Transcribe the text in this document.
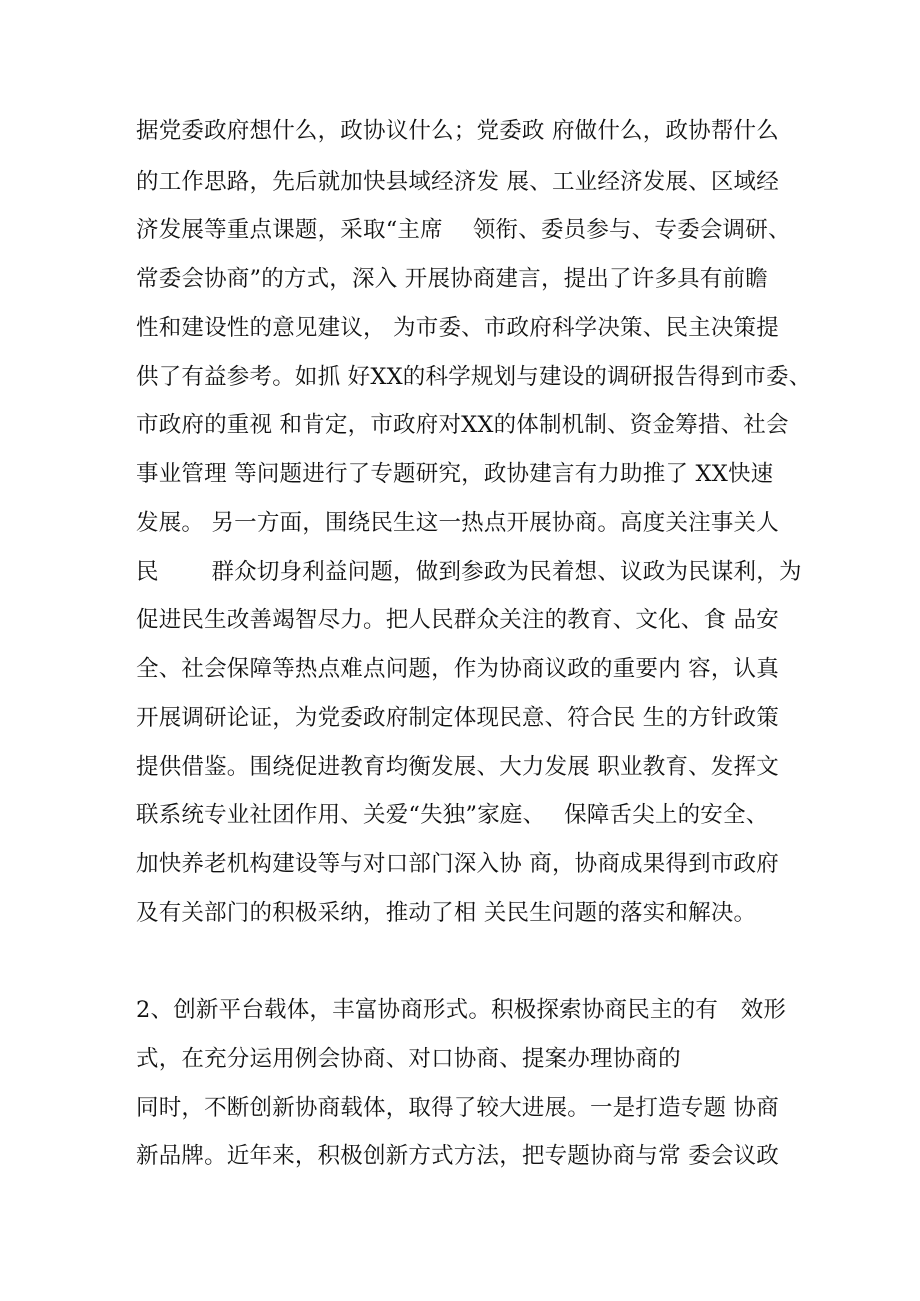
据党委政府想什么，政协议什么；党委政 府做什么，政协帮什么
的工作思路，先后就加快县域经济发 展、工业经济发展、区域经
济发展等重点课题，采取“主席　 领衔、委员参与、专委会调研、
常委会协商”的方式，深入 开展协商建言，提出了许多具有前瞻
性和建设性的意见建议， 为市委、市政府科学决策、民主决策提
供了有益参考。如抓 好XX的科学规划与建设的调研报告得到市委、
市政府的重视 和肯定，市政府对XX的体制机制、资金筹措、社会
事业管理 等问题进行了专题研究，政协建言有力助推了 XX快速
发展。 另一方面，围绕民生这一热点开展协商。高度关注事关人
民　 　群众切身利益问题，做到参政为民着想、议政为民谋利，为
促进民生改善竭智尽力。把人民群众关注的教育、文化、食 品安
全、社会保障等热点难点问题，作为协商议政的重要内 容，认真
开展调研论证，为党委政府制定体现民意、符合民 生的方针政策
提供借鉴。围绕促进教育均衡发展、大力发展 职业教育、发挥文
联系统专业社团作用、关爱“失独”家庭、　 保障舌尖上的安全、
加快养老机构建设等与对口部门深入协 商，协商成果得到市政府
及有关部门的积极采纳，推动了相 关民生问题的落实和解决。
2、创新平台载体，丰富协商形式。积极探索协商民主的有　效形
式，在充分运用例会协商、对口协商、提案办理协商的
同时，不断创新协商载体，取得了较大进展。一是打造专题 协商
新品牌。近年来，积极创新方式方法，把专题协商与常 委会议政
